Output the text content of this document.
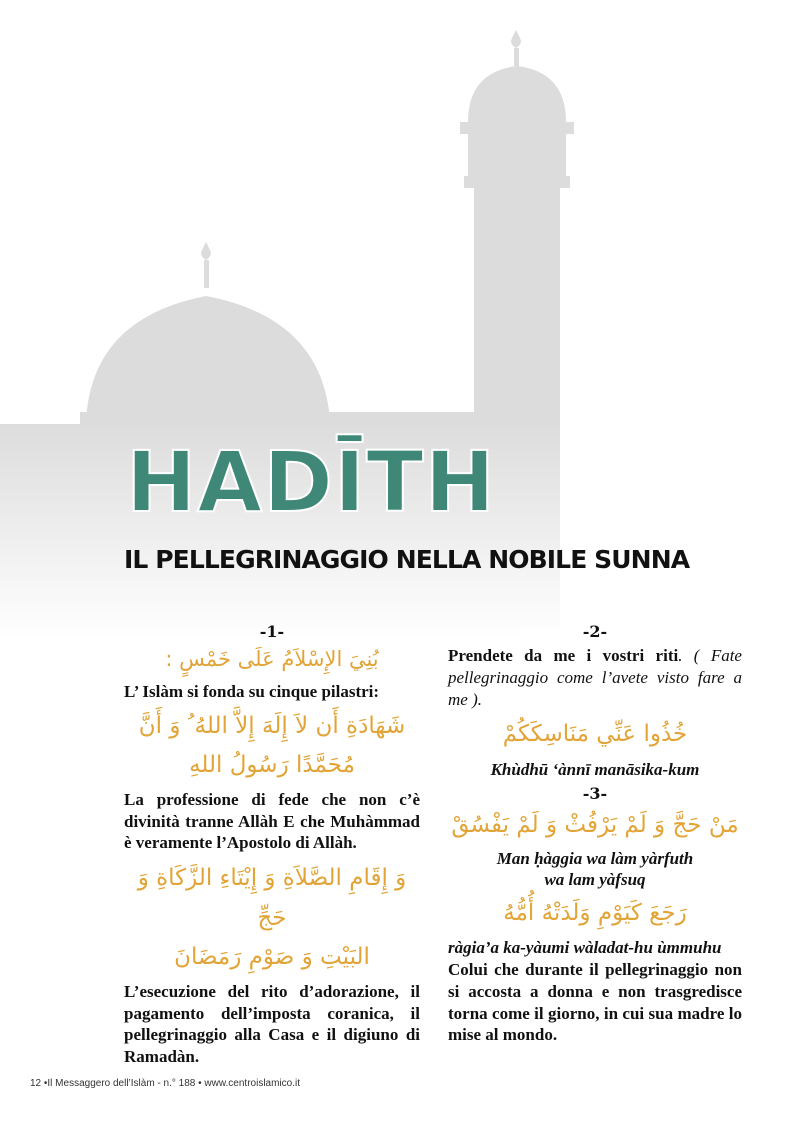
HADĪTH
IL PELLEGRINAGGIO NELLA NOBILE SUNNA
-1-
بُنِيَ الإِسْلاَمُ عَلَى خَمْسٍ :
L’ Islàm si fonda su cinque pilastri:
شَهَادَةِ أَن لاَ إِلَهَ إِلاَّ اللهُ ُ وَ أَنَّ
مُحَمَّدًا رَسُولُ اللهِ
La professione di fede che non c’è divinità tranne Allàh E che Muhàmmad è veramente l’Apostolo di Allàh.
وَ إِقَامِ الصَّلاَةِ وَ إِيْتَاءِ الزَّكَاةِ وَ حَجِّ
البَيْتِ وَ صَوْمِ رَمَضَانَ
L’esecuzione del rito d’adorazione, il pagamento dell’imposta coranica, il pellegrinaggio alla Casa e il digiuno di Ramadàn.
-2-
Prendete da me i vostri riti. ( Fate pellegrinaggio come l’avete visto fare a me ).
خُذُوا عَنِّي مَنَاسِكَكُمْ
Khùdhū ‘ànnī manāsika-kum
-3-
مَنْ حَجَّ وَ لَمْ يَرْفُثْ وَ لَمْ يَفْسُقْ
Man ḥàggia wa làm yàrfuth
wa lam yàfsuq
رَجَعَ كَيَوْمِ وَلَدَتْهُ أُمُّهُ
ràgia’a ka-yàumi wàladat-hu ùmmuhu
Colui che durante il pellegrinaggio non si accosta a donna e non trasgredisce torna come il giorno, in cui sua madre lo mise al mondo.
12 •Il Messaggero dell’Islàm - n.° 188 • www.centroislamico.it
